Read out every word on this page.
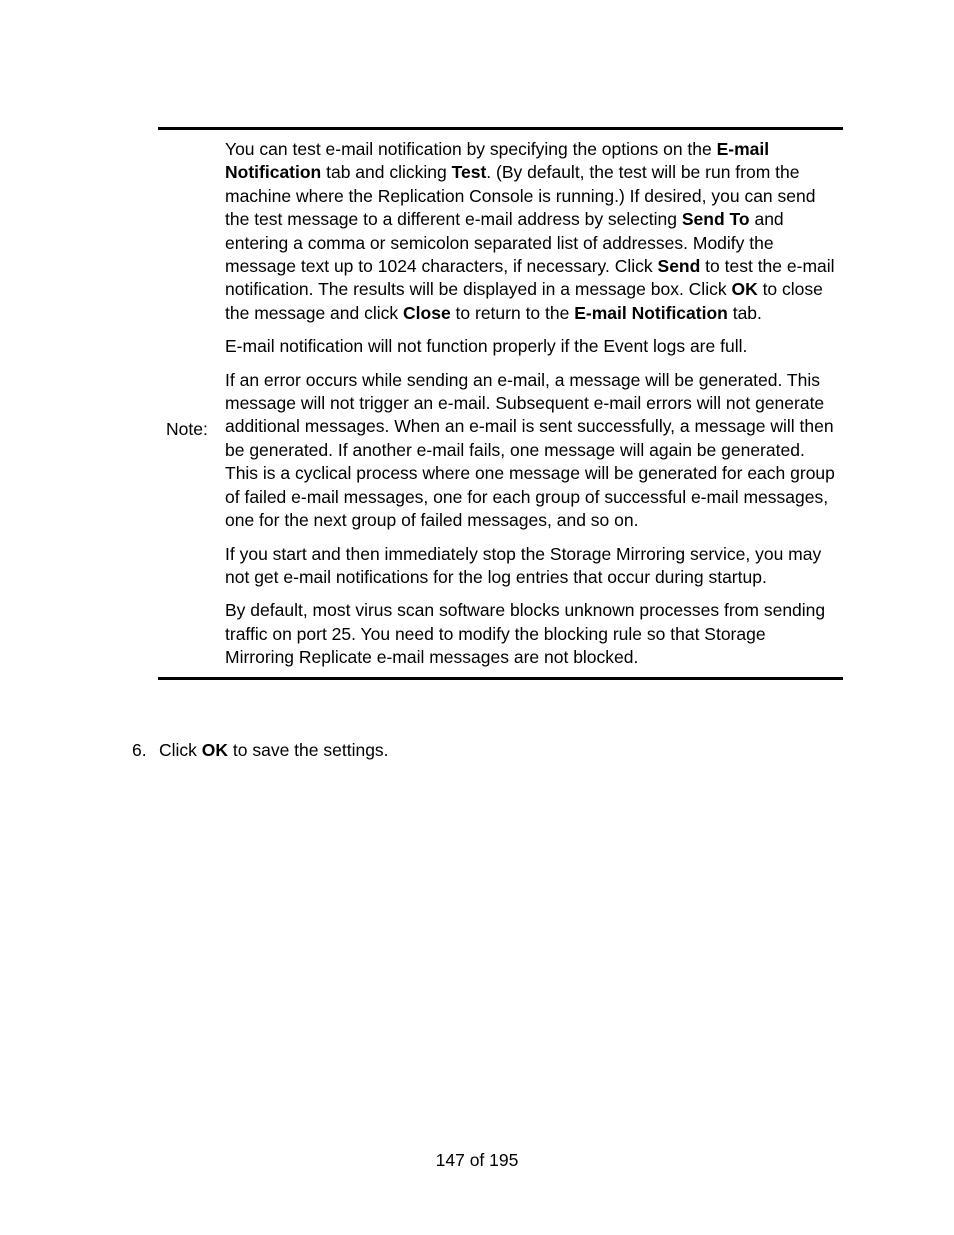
Note:

You can test e-mail notification by specifying the options on the E-mail Notification tab and clicking Test. (By default, the test will be run from the machine where the Replication Console is running.) If desired, you can send the test message to a different e-mail address by selecting Send To and entering a comma or semicolon separated list of addresses. Modify the message text up to 1024 characters, if necessary. Click Send to test the e-mail notification. The results will be displayed in a message box. Click OK to close the message and click Close to return to the E-mail Notification tab.

E-mail notification will not function properly if the Event logs are full.

If an error occurs while sending an e-mail, a message will be generated. This message will not trigger an e-mail. Subsequent e-mail errors will not generate additional messages. When an e-mail is sent successfully, a message will then be generated. If another e-mail fails, one message will again be generated. This is a cyclical process where one message will be generated for each group of failed e-mail messages, one for each group of successful e-mail messages, one for the next group of failed messages, and so on.

If you start and then immediately stop the Storage Mirroring service, you may not get e-mail notifications for the log entries that occur during startup.

By default, most virus scan software blocks unknown processes from sending traffic on port 25. You need to modify the blocking rule so that Storage Mirroring Replicate e-mail messages are not blocked.

6. Click OK to save the settings.
147 of 195
